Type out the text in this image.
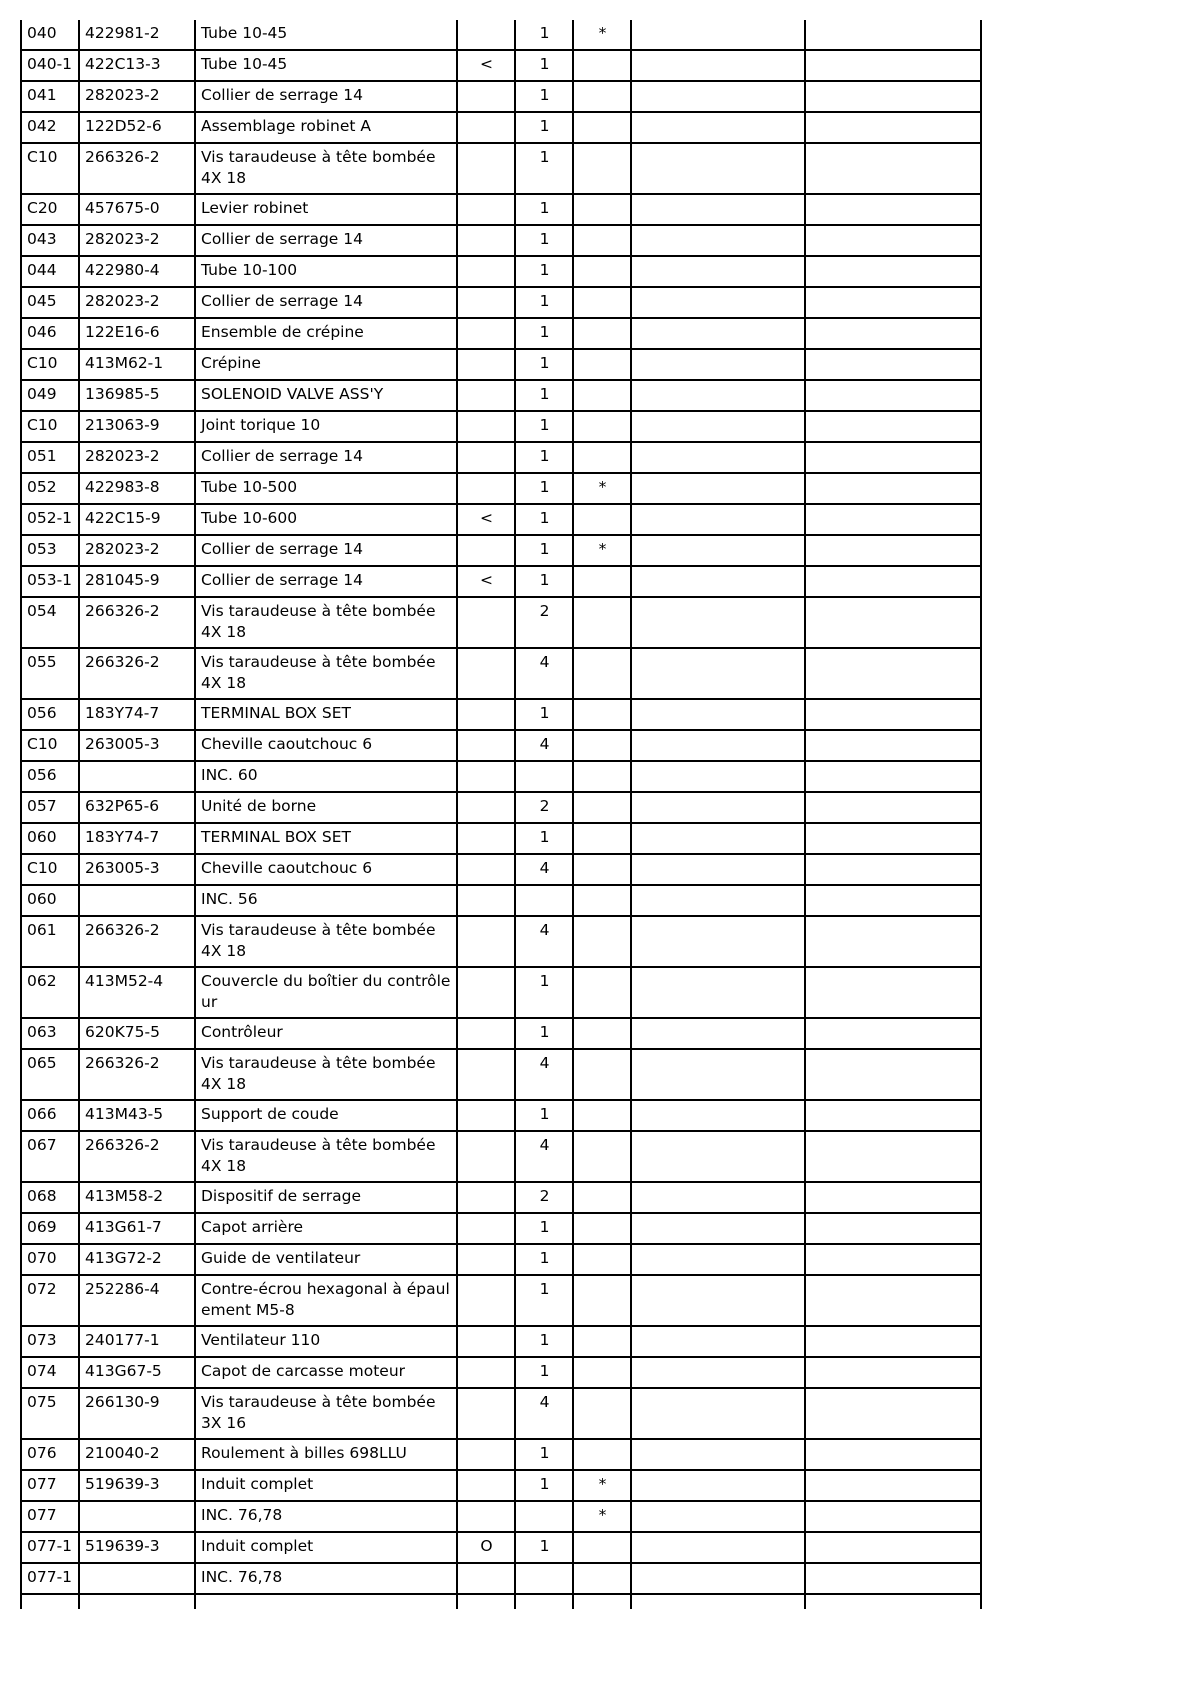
040	422981-2	Tube 10-45		1	*		
040-1	422C13-3	Tube 10-45	<	1			
041	282023-2	Collier de serrage 14		1			
042	122D52-6	Assemblage robinet A		1			
C10	266326-2	Vis taraudeuse à tête bombée 4X 18		1			
C20	457675-0	Levier robinet		1			
043	282023-2	Collier de serrage 14		1			
044	422980-4	Tube 10-100		1			
045	282023-2	Collier de serrage 14		1			
046	122E16-6	Ensemble de crépine		1			
C10	413M62-1	Crépine		1			
049	136985-5	SOLENOID VALVE ASS'Y		1			
C10	213063-9	Joint torique 10		1			
051	282023-2	Collier de serrage 14		1			
052	422983-8	Tube 10-500		1	*		
052-1	422C15-9	Tube 10-600	<	1			
053	282023-2	Collier de serrage 14		1	*		
053-1	281045-9	Collier de serrage 14	<	1			
054	266326-2	Vis taraudeuse à tête bombée 4X 18		2			
055	266326-2	Vis taraudeuse à tête bombée 4X 18		4			
056	183Y74-7	TERMINAL BOX SET		1			
C10	263005-3	Cheville caoutchouc 6		4			
056		INC. 60					
057	632P65-6	Unité de borne		2			
060	183Y74-7	TERMINAL BOX SET		1			
C10	263005-3	Cheville caoutchouc 6		4			
060		INC. 56					
061	266326-2	Vis taraudeuse à tête bombée 4X 18		4			
062	413M52-4	Couvercle du boîtier du contrôle ur		1			
063	620K75-5	Contrôleur		1			
065	266326-2	Vis taraudeuse à tête bombée 4X 18		4			
066	413M43-5	Support de coude		1			
067	266326-2	Vis taraudeuse à tête bombée 4X 18		4			
068	413M58-2	Dispositif de serrage		2			
069	413G61-7	Capot arrière		1			
070	413G72-2	Guide de ventilateur		1			
072	252286-4	Contre-écrou hexagonal à épaul ement M5-8		1			
073	240177-1	Ventilateur 110		1			
074	413G67-5	Capot de carcasse moteur		1			
075	266130-9	Vis taraudeuse à tête bombée 3X 16		4			
076	210040-2	Roulement à billes 698LLU		1			
077	519639-3	Induit complet		1	*		
077		INC. 76,78			*		
077-1	519639-3	Induit complet	O	1			
077-1		INC. 76,78					
